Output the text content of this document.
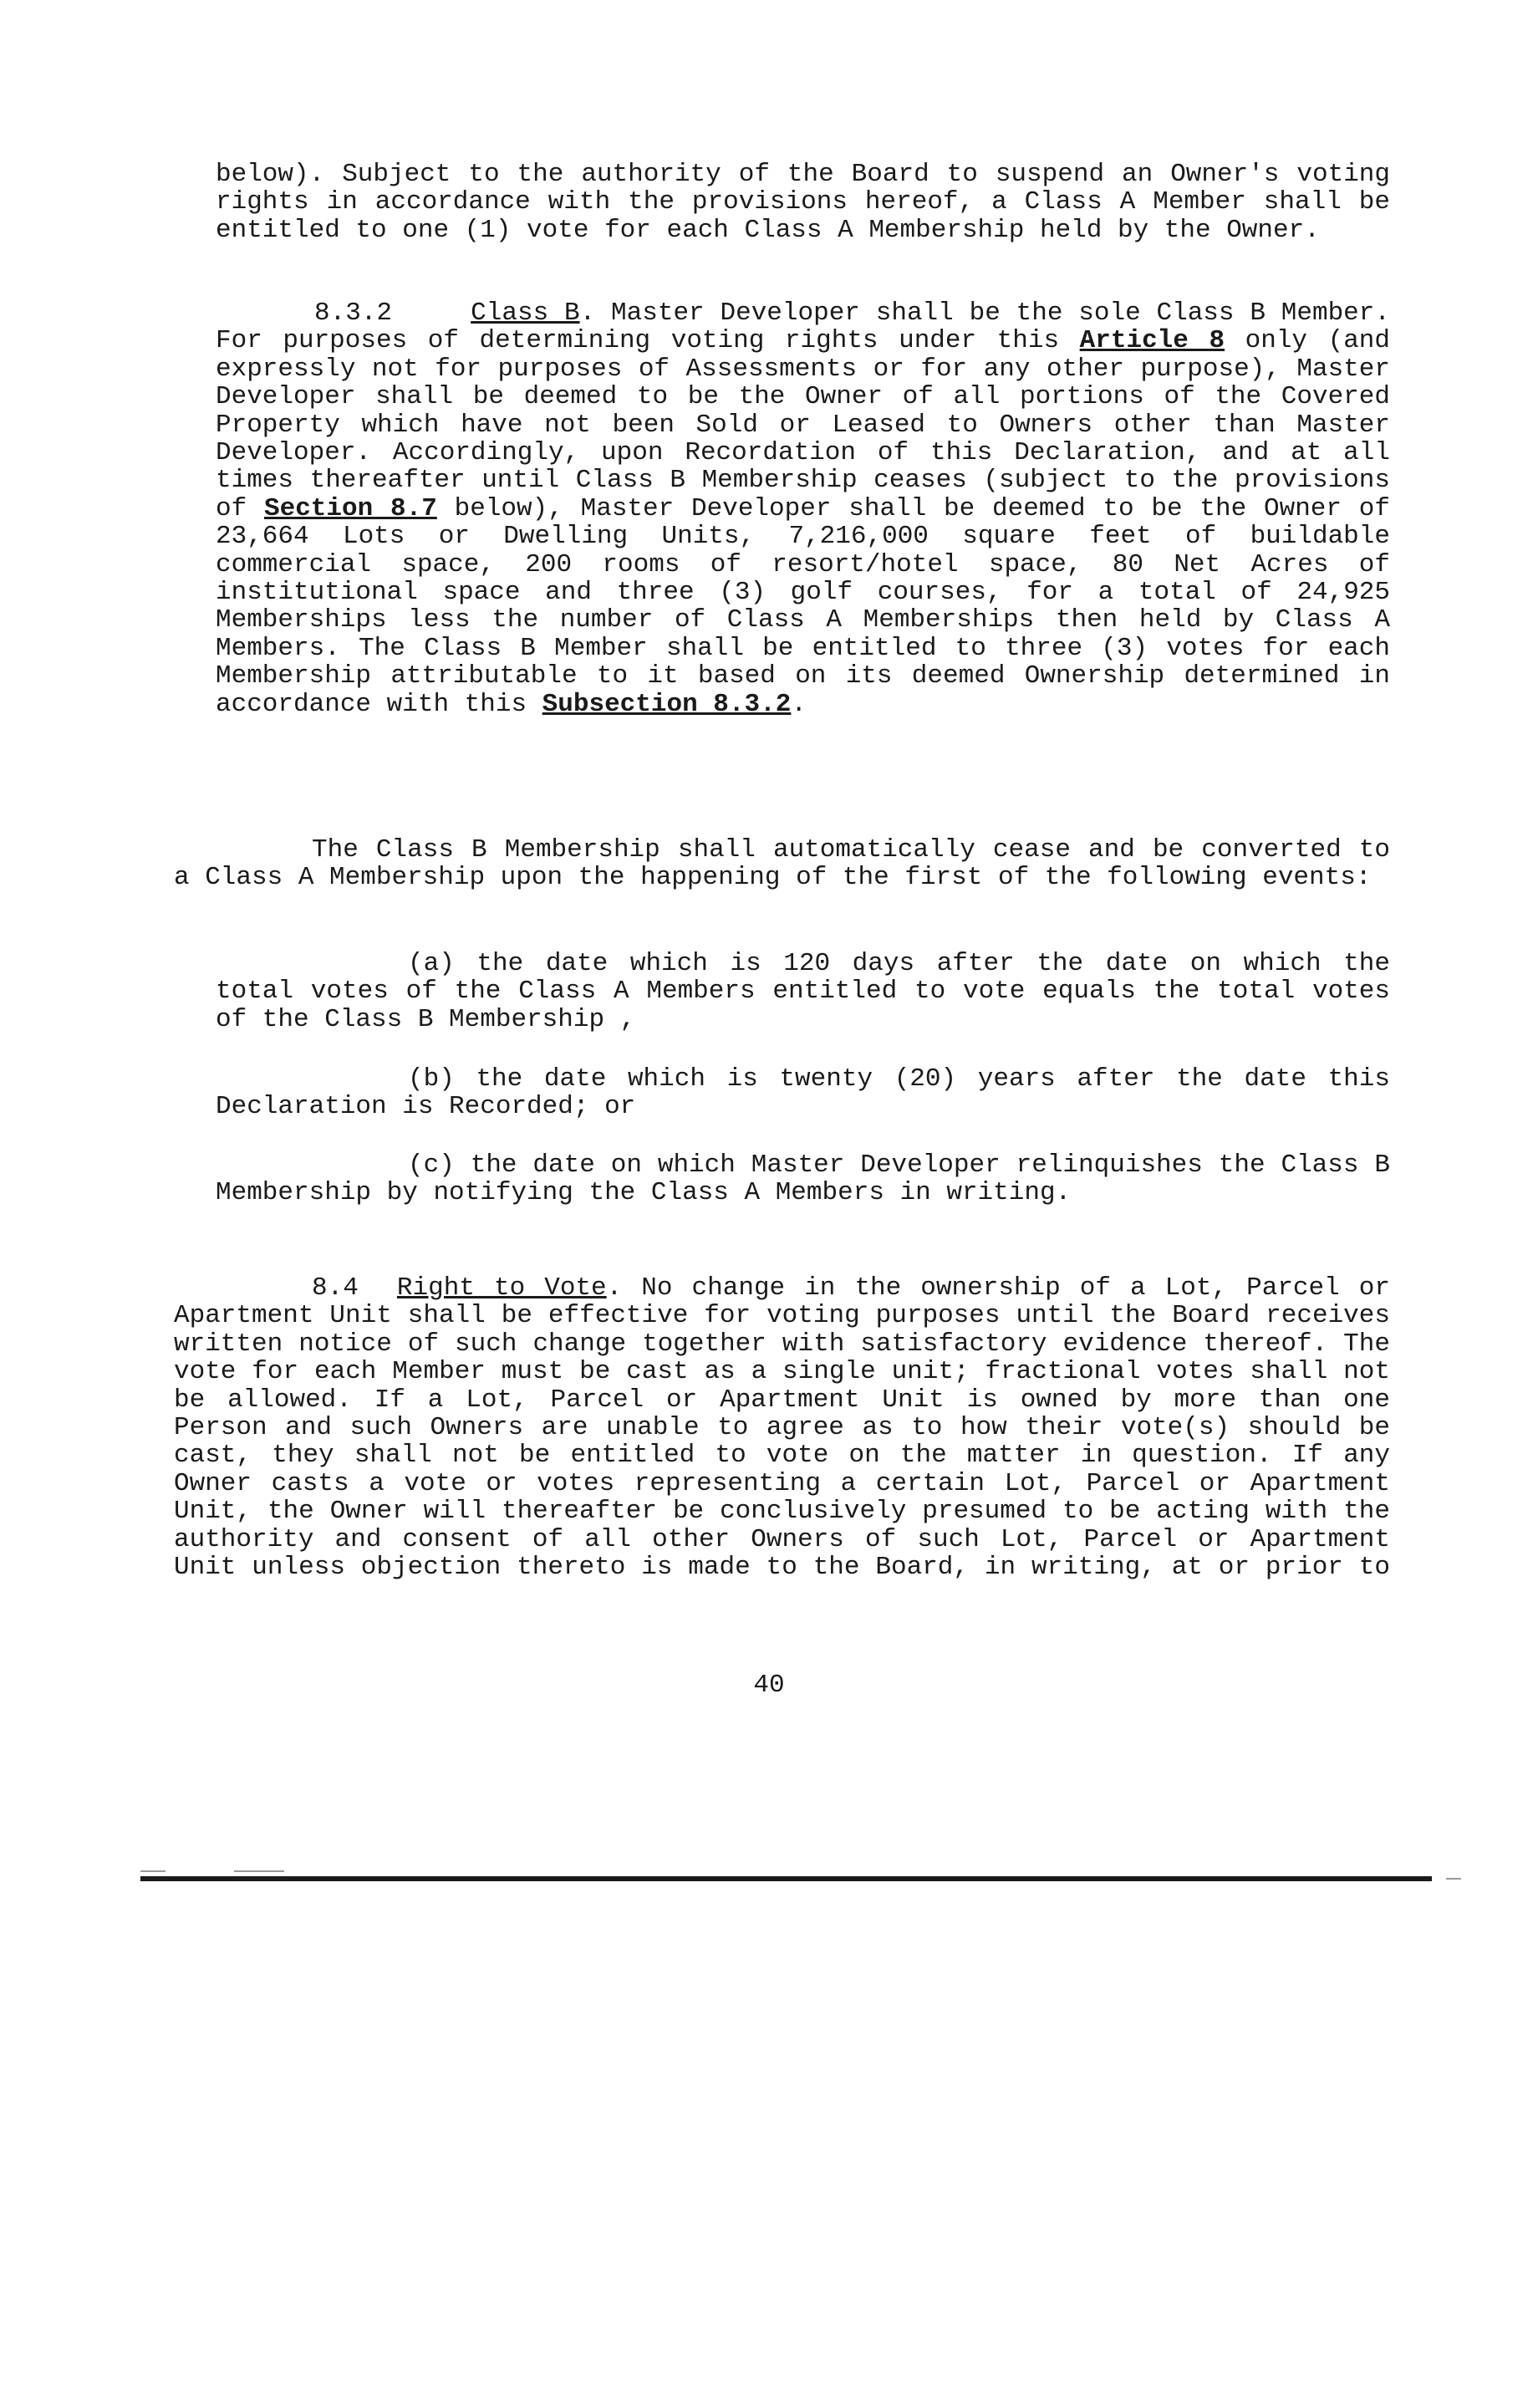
below). Subject to the authority of the Board to suspend an Owner's voting rights in accordance with the provisions hereof, a Class A Member shall be entitled to one (1) vote for each Class A Membership held by the Owner.

8.3.2	Class B. Master Developer shall be the sole Class B Member. For purposes of determining voting rights under this Article 8 only (and expressly not for purposes of Assessments or for any other purpose), Master Developer shall be deemed to be the Owner of all portions of the Covered Property which have not been Sold or Leased to Owners other than Master Developer. Accordingly, upon Recordation of this Declaration, and at all times thereafter until Class B Membership ceases (subject to the provisions of Section 8.7 below), Master Developer shall be deemed to be the Owner of 23,664 Lots or Dwelling Units, 7,216,000 square feet of buildable commercial space, 200 rooms of resort/hotel space, 80 Net Acres of institutional space and three (3) golf courses, for a total of 24,925 Memberships less the number of Class A Memberships then held by Class A Members. The Class B Member shall be entitled to three (3) votes for each Membership attributable to it based on its deemed Ownership determined in accordance with this Subsection 8.3.2.

The Class B Membership shall automatically cease and be converted to a Class A Membership upon the happening of the first of the following events:

(a) the date which is 120 days after the date on which the total votes of the Class A Members entitled to vote equals the total votes of the Class B Membership ,

(b) the date which is twenty (20) years after the date this Declaration is Recorded; or

(c) the date on which Master Developer relinquishes the Class B Membership by notifying the Class A Members in writing.

8.4 Right to Vote. No change in the ownership of a Lot, Parcel or Apartment Unit shall be effective for voting purposes until the Board receives written notice of such change together with satisfactory evidence thereof. The vote for each Member must be cast as a single unit; fractional votes shall not be allowed. If a Lot, Parcel or Apartment Unit is owned by more than one Person and such Owners are unable to agree as to how their vote(s) should be cast, they shall not be entitled to vote on the matter in question. If any Owner casts a vote or votes representing a certain Lot, Parcel or Apartment Unit, the Owner will thereafter be conclusively presumed to be acting with the authority and consent of all other Owners of such Lot, Parcel or Apartment Unit unless objection thereto is made to the Board, in writing, at or prior to

40
